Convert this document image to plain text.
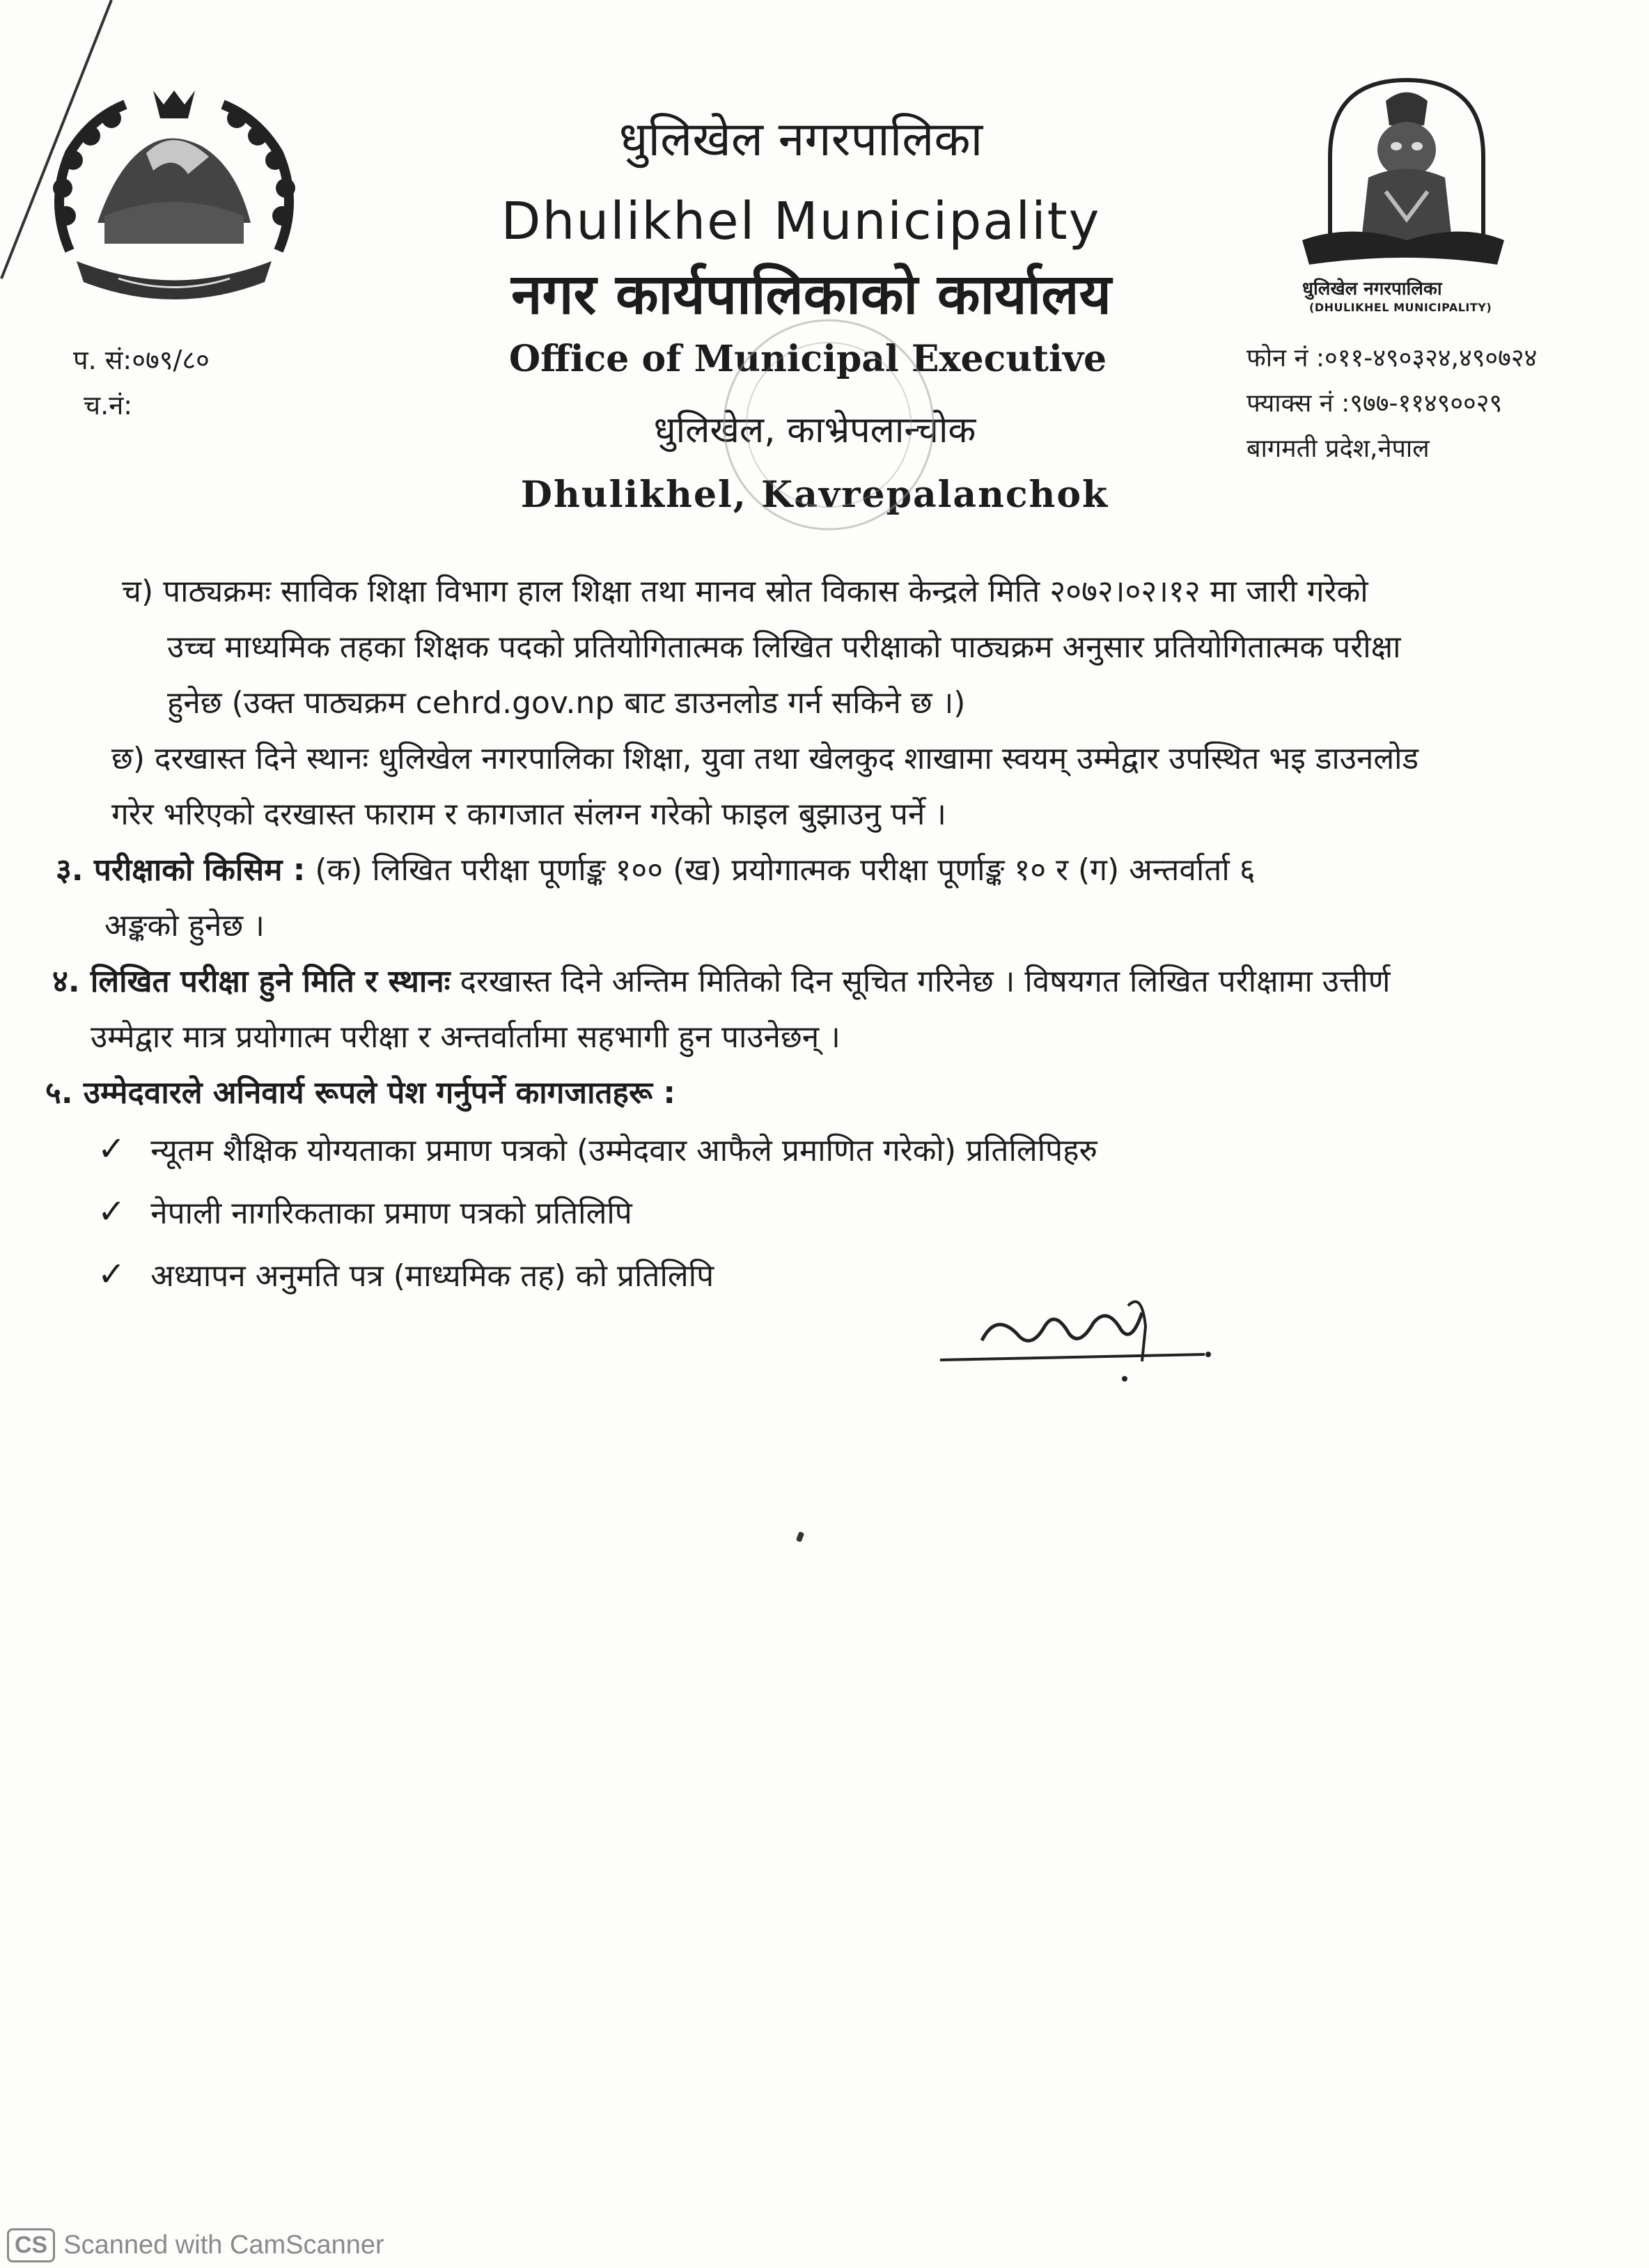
धुलिखेल नगरपालिका
(DHULIKHEL MUNICIPALITY)
धुलिखेल नगरपालिका
Dhulikhel Municipality
नगर कार्यपालिकाको कार्यालय
Office of Municipal Executive
धुलिखेल, काभ्रेपलान्चोक
Dhulikhel, Kavrepalanchok
प. सं:०७९/८०
च.नं:
फोन नं :०११-४९०३२४,४९०७२४
फ्याक्स नं :९७७-११४९००२९
बागमती प्रदेश,नेपाल
च) पाठ्यक्रमः साविक शिक्षा विभाग हाल शिक्षा तथा मानव स्रोत विकास केन्द्रले मिति २०७२।०२।१२ मा जारी गरेको
उच्च माध्यमिक तहका शिक्षक पदको प्रतियोगितात्मक लिखित परीक्षाको पाठ्यक्रम अनुसार प्रतियोगितात्मक परीक्षा
हुनेछ (उक्त पाठ्यक्रम cehrd.gov.np बाट डाउनलोड गर्न सकिने छ ।)
छ) दरखास्त दिने स्थानः धुलिखेल नगरपालिका शिक्षा, युवा तथा खेलकुद शाखामा स्वयम् उम्मेद्वार उपस्थित भइ डाउनलोड
गरेर भरिएको दरखास्त फाराम र कागजात संलग्न गरेको फाइल बुझाउनु पर्ने ।
३. परीक्षाको किसिम : (क) लिखित परीक्षा पूर्णाङ्क १०० (ख) प्रयोगात्मक परीक्षा पूर्णाङ्क १० र (ग) अन्तर्वार्ता ६
अङ्कको हुनेछ ।
४. लिखित परीक्षा हुने मिति र स्थानः दरखास्त दिने अन्तिम मितिको दिन सूचित गरिनेछ । विषयगत लिखित परीक्षामा उत्तीर्ण
उम्मेद्वार मात्र प्रयोगात्म परीक्षा र अन्तर्वार्तामा सहभागी हुन पाउनेछन् ।
५. उम्मेदवारले अनिवार्य रूपले पेश गर्नुपर्ने कागजातहरू :
✓ न्यूतम शैक्षिक योग्यताका प्रमाण पत्रको (उम्मेदवार आफैले प्रमाणित गरेको) प्रतिलिपिहरु
✓ नेपाली नागरिकताका प्रमाण पत्रको प्रतिलिपि
✓ अध्यापन अनुमति पत्र (माध्यमिक तह) को प्रतिलिपि
CS Scanned with CamScanner
